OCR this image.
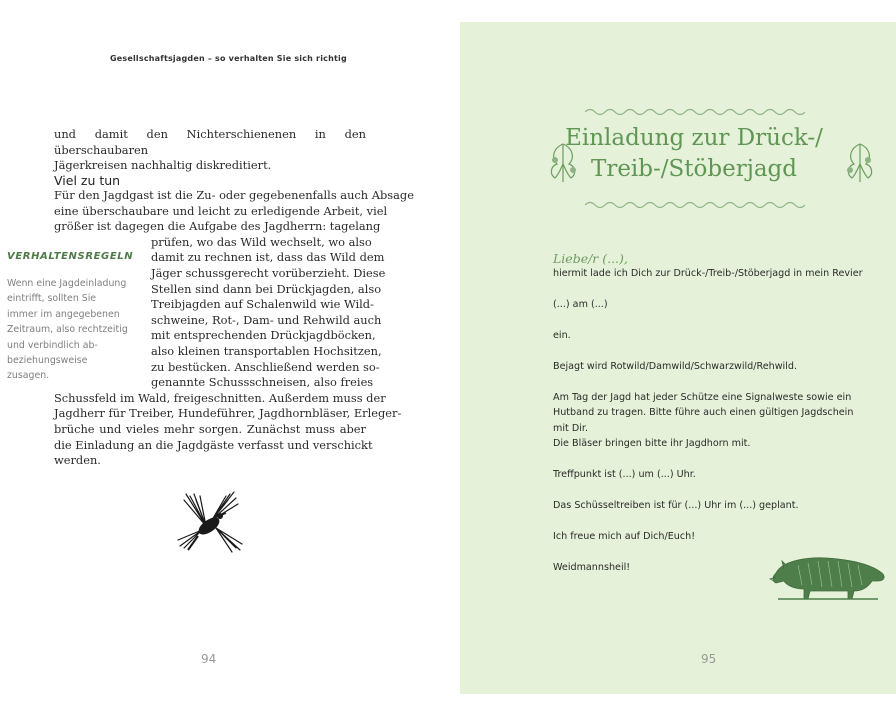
Gesellschaftsjagden – so verhalten Sie sich richtig
und damit den Nichterschienenen in den überschaubaren
Jägerkreisen nachhaltig diskreditiert.
Viel zu tun
Für den Jagdgast ist die Zu- oder gegebenenfalls auch Absage
eine überschaubare und leicht zu erledigende Arbeit, viel
größer ist dagegen die Aufgabe des Jagdherrn: tagelang
prüfen, wo das Wild wechselt, wo also
damit zu rechnen ist, dass das Wild dem
Jäger schussgerecht vorüberzieht. Diese
Stellen sind dann bei Drückjagden, also
Treibjagden auf Schalenwild wie Wild-
schweine, Rot-, Dam- und Rehwild auch
mit entsprechenden Drückjagdböcken,
also kleinen transportablen Hochsitzen,
zu bestücken. Anschließend werden so-
genannte Schussschneisen, also freies
Schussfeld im Wald, freigeschnitten. Außerdem muss der
Jagdherr für Treiber, Hundeführer, Jagdhornbläser, Erleger-
brüche und vieles mehr sorgen. Zunächst muss aber
die Einladung an die Jagdgäste verfasst und verschickt
werden.
VERHALTENSREGELN
Wenn eine Jagdeinladung
eintrifft, sollten Sie
immer im angegebenen
Zeitraum, also rechtzeitig
und verbindlich ab-
beziehungsweise zusagen.
94
Einladung zur Drück-/
Treib-/Stöberjagd
Liebe/r (...),
hiermit lade ich Dich zur Drück-/Treib-/Stöberjagd in mein Revier
(...) am (...)
ein.
Bejagt wird Rotwild/Damwild/Schwarzwild/Rehwild.
Am Tag der Jagd hat jeder Schütze eine Signalweste sowie ein
Hutband zu tragen. Bitte führe auch einen gültigen Jagdschein
mit Dir.
Die Bläser bringen bitte ihr Jagdhorn mit.
Treffpunkt ist (...) um (...) Uhr.
Das Schüsseltreiben ist für (...) Uhr im (...) geplant.
Ich freue mich auf Dich/Euch!
Weidmannsheil!
95
